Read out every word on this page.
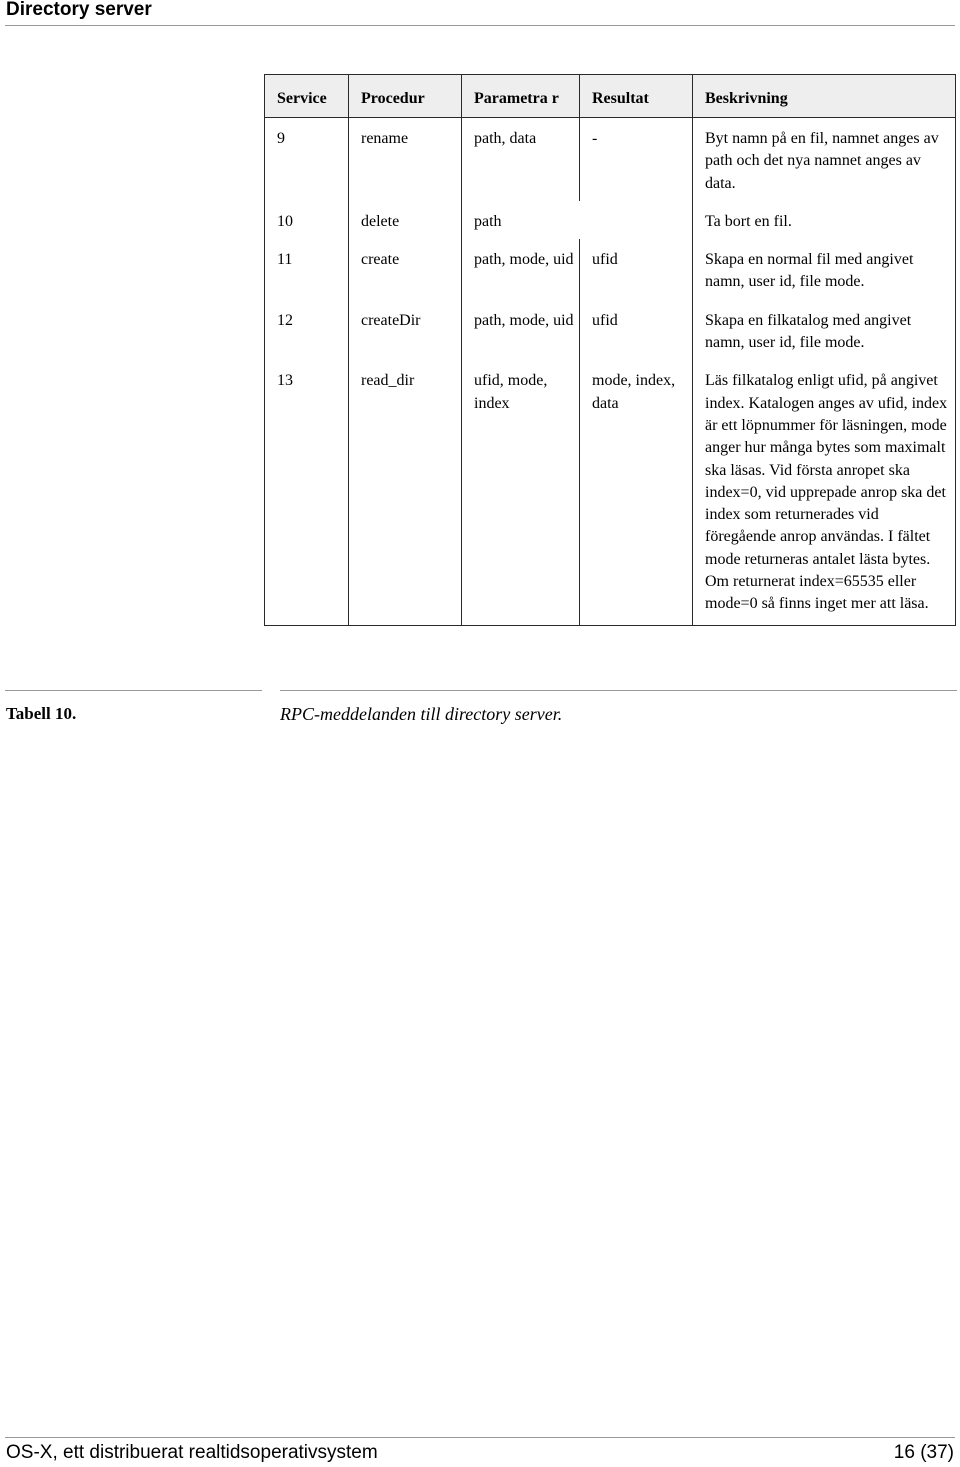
Directory server
Service	Procedur	Parametra r	Resultat	Beskrivning
9	rename	path, data	-	Byt namn på en fil, namnet anges av path och det nya namnet anges av data.
10	delete	path		Ta bort en fil.
11	create	path, mode, uid	ufid	Skapa en normal fil med angivet namn, user id, file mode.
12	createDir	path, mode, uid	ufid	Skapa en filkatalog med angivet namn, user id, file mode.
13	read_dir	ufid, mode, index	mode, index, data	Läs filkatalog enligt ufid, på angivet index. Katalogen anges av ufid, index är ett löpnummer för läsningen, mode anger hur många bytes som maximalt ska läsas. Vid första anropet ska index=0, vid upprepade anrop ska det index som returnerades vid föregående anrop användas. I fältet mode returneras antalet lästa bytes. Om returnerat index=65535 eller mode=0 så finns inget mer att läsa.
Tabell 10.	RPC-meddelanden till directory server.
OS-X, ett distribuerat realtidsoperativsystem	16 (37)
